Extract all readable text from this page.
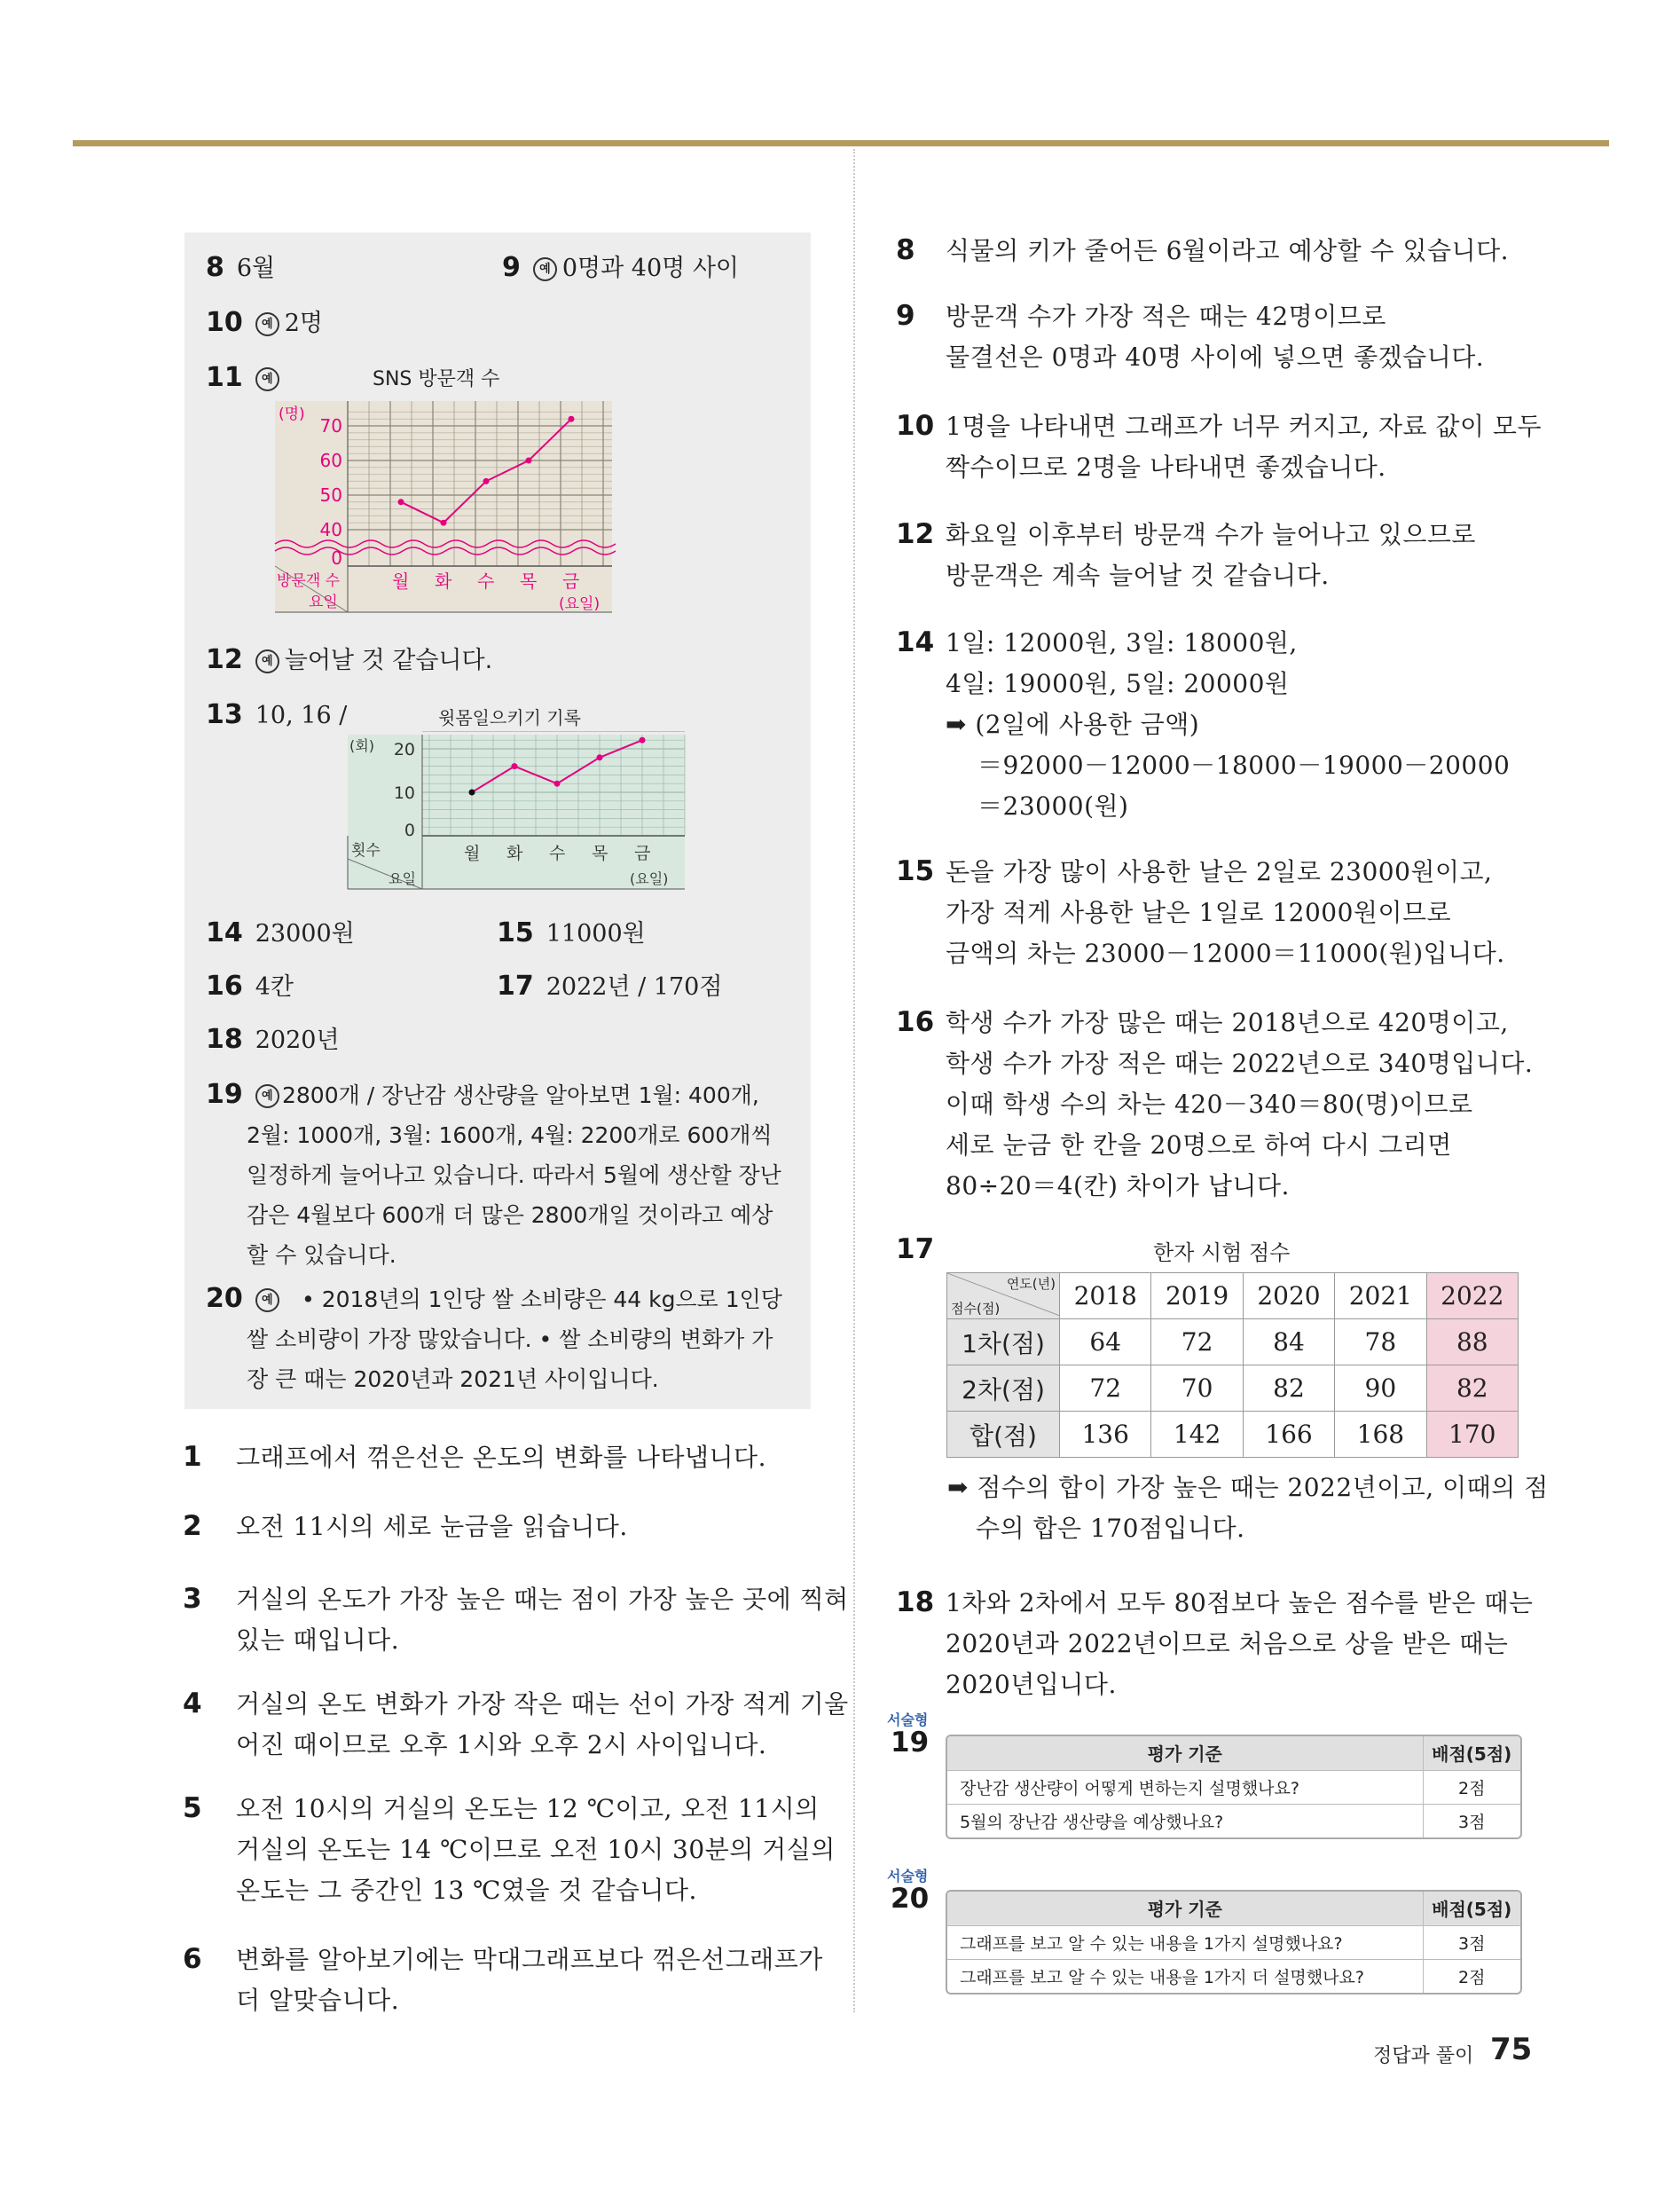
8 6월	9 예 0명과 40명 사이
10 예 2명
11 예	SNS 방문객 수
0
40
50
60
70
(명)
방문객 수
요일
월 화 수 목 금
(요일)
12 예 늘어날 것 같습니다.
13 10, 16 /	윗몸일으키기 기록
0
10
20
(회)
횟수
요일
월 화 수 목 금
(요일)
14 23000원	15 11000원
16 4칸	17 2022년 / 170점
18 2020년
19 예 2800개 / 장난감 생산량을 알아보면 1월: 400개,
2월: 1000개, 3월: 1600개, 4월: 2200개로 600개씩
일정하게 늘어나고 있습니다. 따라서 5월에 생산할 장난
감은 4월보다 600개 더 많은 2800개일 것이라고 예상
할 수 있습니다.
20 예	• 2018년의 1인당 쌀 소비량은 44 kg으로 1인당
쌀 소비량이 가장 많았습니다. • 쌀 소비량의 변화가 가
장 큰 때는 2020년과 2021년 사이입니다.
1 그래프에서 꺾은선은 온도의 변화를 나타냅니다.
2 오전 11시의 세로 눈금을 읽습니다.
3 거실의 온도가 가장 높은 때는 점이 가장 높은 곳에 찍혀
있는 때입니다.
4 거실의 온도 변화가 가장 작은 때는 선이 가장 적게 기울
어진 때이므로 오후 1시와 오후 2시 사이입니다.
5 오전 10시의 거실의 온도는 12 ℃이고, 오전 11시의
거실의 온도는 14 ℃이므로 오전 10시 30분의 거실의
온도는 그 중간인 13 ℃였을 것 같습니다.
6 변화를 알아보기에는 막대그래프보다 꺾은선그래프가
더 알맞습니다.
8 식물의 키가 줄어든 6월이라고 예상할 수 있습니다.
9 방문객 수가 가장 적은 때는 42명이므로
물결선은 0명과 40명 사이에 넣으면 좋겠습니다.
10 1명을 나타내면 그래프가 너무 커지고, 자료 값이 모두
짝수이므로 2명을 나타내면 좋겠습니다.
12 화요일 이후부터 방문객 수가 늘어나고 있으므로
방문객은 계속 늘어날 것 같습니다.
14 1일: 12000원, 3일: 18000원,
4일: 19000원, 5일: 20000원
➡ (2일에 사용한 금액)
＝92000－12000－18000－19000－20000
＝23000(원)
15 돈을 가장 많이 사용한 날은 2일로 23000원이고,
가장 적게 사용한 날은 1일로 12000원이므로
금액의 차는 23000－12000＝11000(원)입니다.
16 학생 수가 가장 많은 때는 2018년으로 420명이고,
학생 수가 가장 적은 때는 2022년으로 340명입니다.
이때 학생 수의 차는 420－340＝80(명)이므로
세로 눈금 한 칸을 20명으로 하여 다시 그리면
80÷20＝4(칸) 차이가 납니다.
18 1차와 2차에서 모두 80점보다 높은 점수를 받은 때는
2020년과 2022년이므로 처음으로 상을 받은 때는
2020년입니다.
17	한자 시험 점수
연도(년)
점수(점)	2018	2019	2020	2021	2022
1차(점)	64	72	84	78	88
2차(점)	72	70	82	90	82
합(점)	136	142	166	168	170
➡ 점수의 합이 가장 높은 때는 2022년이고, 이때의 점
수의 합은 170점입니다.
서술형
19	평가 기준	배점(5점)
장난감 생산량이 어떻게 변하는지 설명했나요?	2점
5월의 장난감 생산량을 예상했나요?	3점
서술형
20	평가 기준	배점(5점)
그래프를 보고 알 수 있는 내용을 1가지 설명했나요?	3점
그래프를 보고 알 수 있는 내용을 1가지 더 설명했나요?	2점
정답과 풀이 75
